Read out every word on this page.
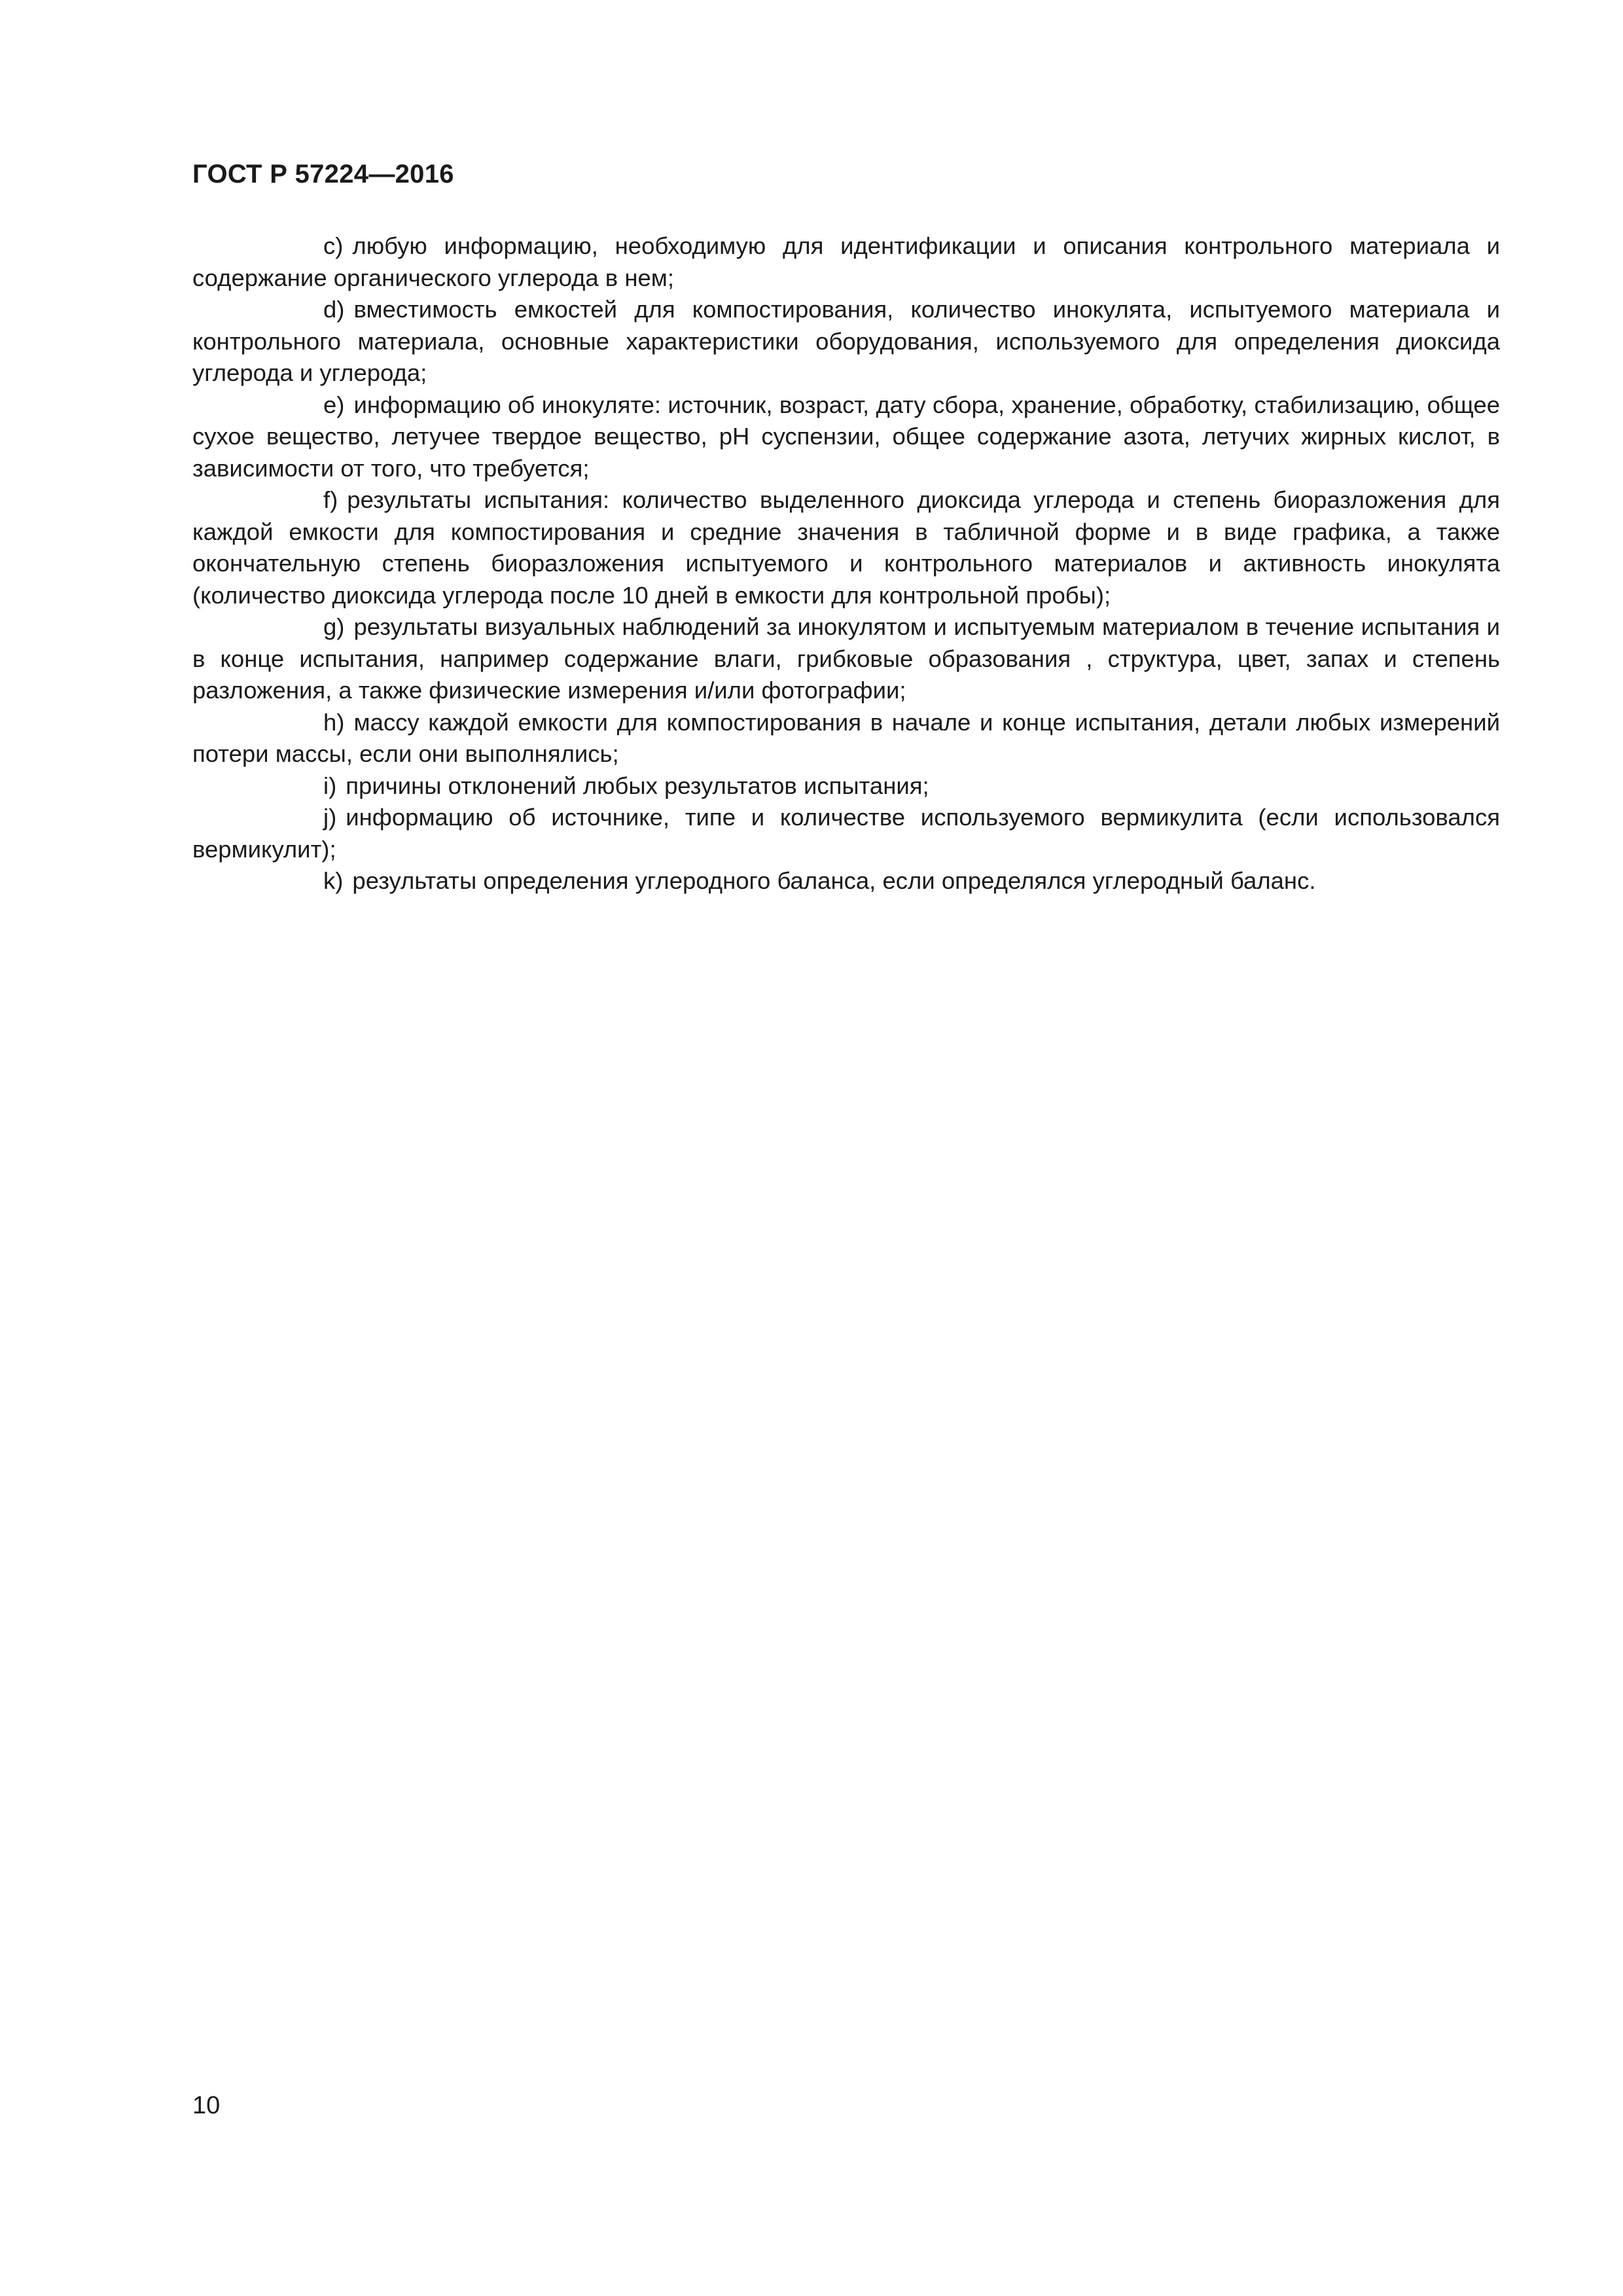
ГОСТ Р 57224—2016

c) любую информацию, необходимую для идентификации и описания контрольного материала и содержание органического углерода в нем;

d) вместимость емкостей для компостирования, количество инокулята, испытуемого материала и контрольного материала, основные характеристики оборудования, используемого для определения диоксида углерода и углерода;

e) информацию об инокуляте: источник, возраст, дату сбора, хранение, обработку, стабилизацию, общее сухое вещество, летучее твердое вещество, pH суспензии, общее содержание азота, летучих жирных кислот, в зависимости от того, что требуется;

f) результаты испытания: количество выделенного диоксида углерода и степень биоразложения для каждой емкости для компостирования и средние значения в табличной форме и в виде графика, а также окончательную степень биоразложения испытуемого и контрольного материалов и активность инокулята (количество диоксида углерода после 10 дней в емкости для контрольной пробы);

g) результаты визуальных наблюдений за инокулятом и испытуемым материалом в течение испытания и в конце испытания, например содержание влаги, грибковые образования , структура, цвет, запах и степень разложения, а также физические измерения и/или фотографии;

h) массу каждой емкости для компостирования в начале и конце испытания, детали любых измерений потери массы, если они выполнялись;

i) причины отклонений любых результатов испытания;

j) информацию об источнике, типе и количестве используемого вермикулита (если использовался вермикулит);

k) результаты определения углеродного баланса, если определялся углеродный баланс.

10
